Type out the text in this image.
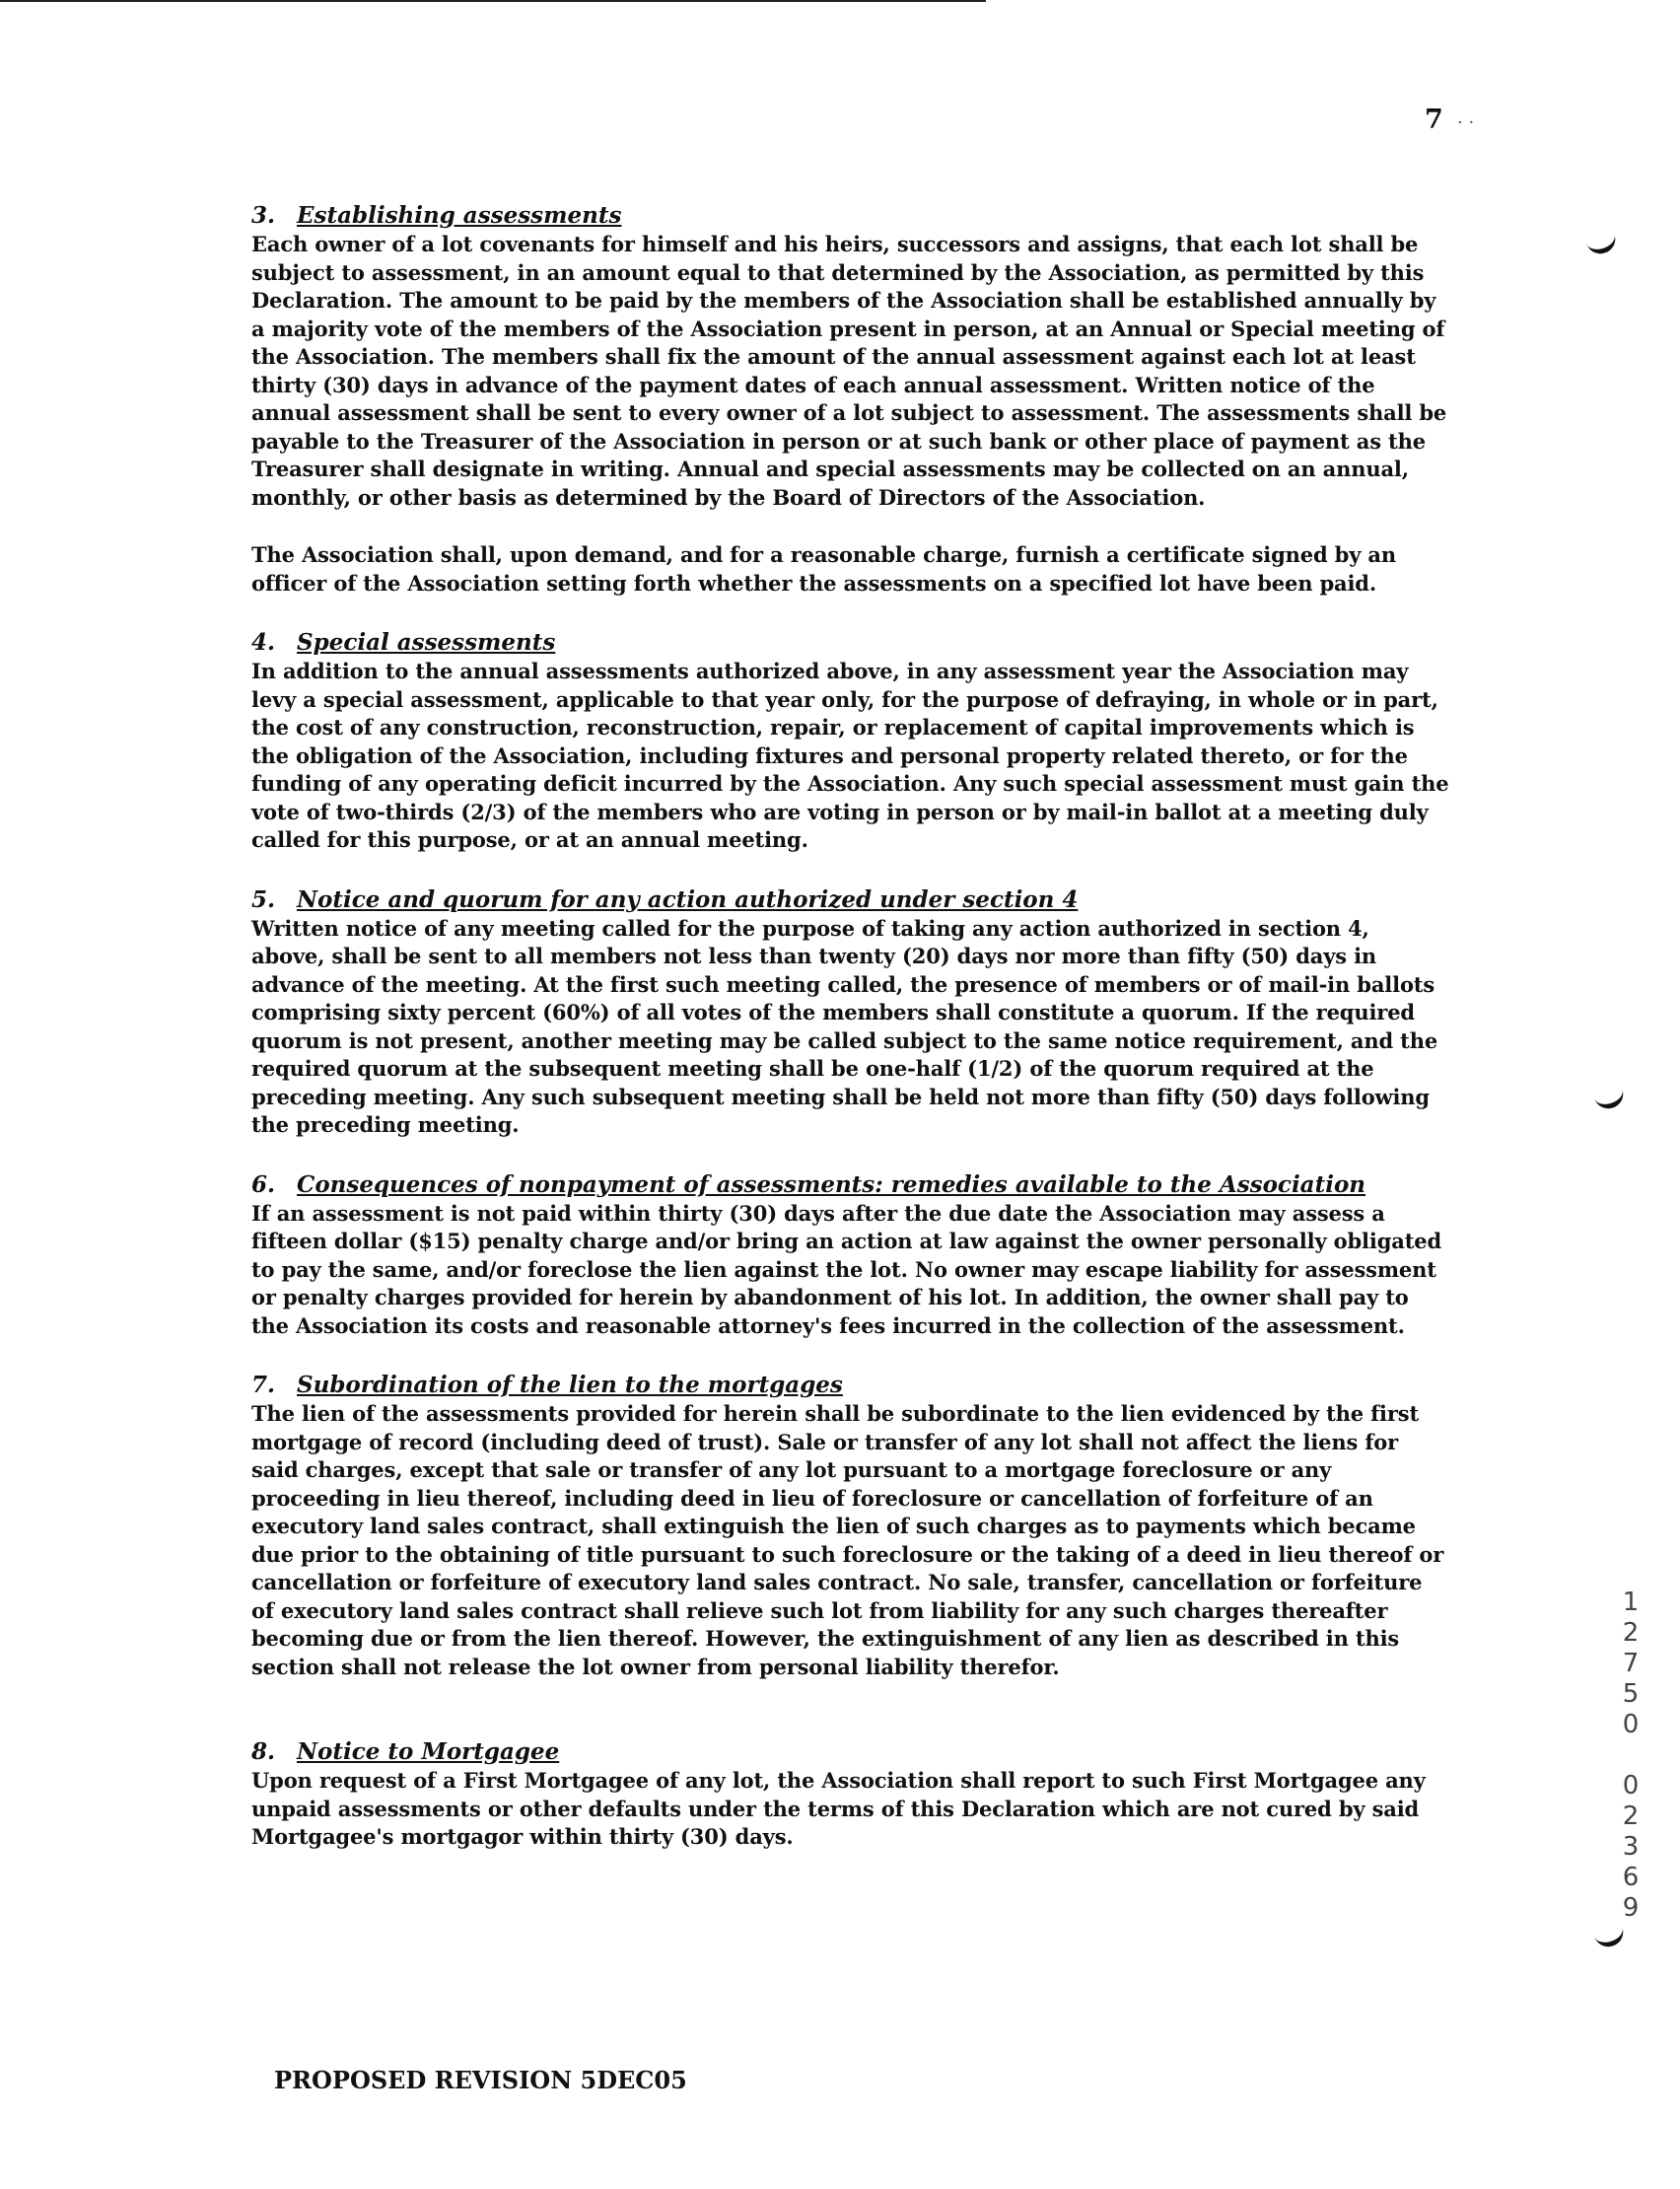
7 · ·
3. Establishing assessments

Each owner of a lot covenants for himself and his heirs, successors and assigns, that each lot shall be subject to assessment, in an amount equal to that determined by the Association, as permitted by this Declaration. The amount to be paid by the members of the Association shall be established annually by a majority vote of the members of the Association present in person, at an Annual or Special meeting of the Association. The members shall fix the amount of the annual assessment against each lot at least thirty (30) days in advance of the payment dates of each annual assessment. Written notice of the annual assessment shall be sent to every owner of a lot subject to assessment. The assessments shall be payable to the Treasurer of the Association in person or at such bank or other place of payment as the Treasurer shall designate in writing. Annual and special assessments may be collected on an annual, monthly, or other basis as determined by the Board of Directors of the Association.

The Association shall, upon demand, and for a reasonable charge, furnish a certificate signed by an officer of the Association setting forth whether the assessments on a specified lot have been paid.

4. Special assessments

In addition to the annual assessments authorized above, in any assessment year the Association may levy a special assessment, applicable to that year only, for the purpose of defraying, in whole or in part, the cost of any construction, reconstruction, repair, or replacement of capital improvements which is the obligation of the Association, including fixtures and personal property related thereto, or for the funding of any operating deficit incurred by the Association. Any such special assessment must gain the vote of two-thirds (2/3) of the members who are voting in person or by mail-in ballot at a meeting duly called for this purpose, or at an annual meeting.

5. Notice and quorum for any action authorized under section 4

Written notice of any meeting called for the purpose of taking any action authorized in section 4, above, shall be sent to all members not less than twenty (20) days nor more than fifty (50) days in advance of the meeting. At the first such meeting called, the presence of members or of mail-in ballots comprising sixty percent (60%) of all votes of the members shall constitute a quorum. If the required quorum is not present, another meeting may be called subject to the same notice requirement, and the required quorum at the subsequent meeting shall be one-half (1/2) of the quorum required at the preceding meeting. Any such subsequent meeting shall be held not more than fifty (50) days following the preceding meeting.

6. Consequences of nonpayment of assessments: remedies available to the Association

If an assessment is not paid within thirty (30) days after the due date the Association may assess a fifteen dollar ($15) penalty charge and/or bring an action at law against the owner personally obligated to pay the same, and/or foreclose the lien against the lot. No owner may escape liability for assessment or penalty charges provided for herein by abandonment of his lot. In addition, the owner shall pay to the Association its costs and reasonable attorney's fees incurred in the collection of the assessment.

7. Subordination of the lien to the mortgages

The lien of the assessments provided for herein shall be subordinate to the lien evidenced by the first mortgage of record (including deed of trust). Sale or transfer of any lot shall not affect the liens for said charges, except that sale or transfer of any lot pursuant to a mortgage foreclosure or any proceeding in lieu thereof, including deed in lieu of foreclosure or cancellation of forfeiture of an executory land sales contract, shall extinguish the lien of such charges as to payments which became due prior to the obtaining of title pursuant to such foreclosure or the taking of a deed in lieu thereof or cancellation or forfeiture of executory land sales contract. No sale, transfer, cancellation or forfeiture of executory land sales contract shall relieve such lot from liability for any such charges thereafter becoming due or from the lien thereof. However, the extinguishment of any lien as described in this section shall not release the lot owner from personal liability therefor.

8. Notice to Mortgagee

Upon request of a First Mortgagee of any lot, the Association shall report to such First Mortgagee any unpaid assessments or other defaults under the terms of this Declaration which are not cured by said Mortgagee's mortgagor within thirty (30) days.

PROPOSED REVISION 5DEC05
12750 02369
